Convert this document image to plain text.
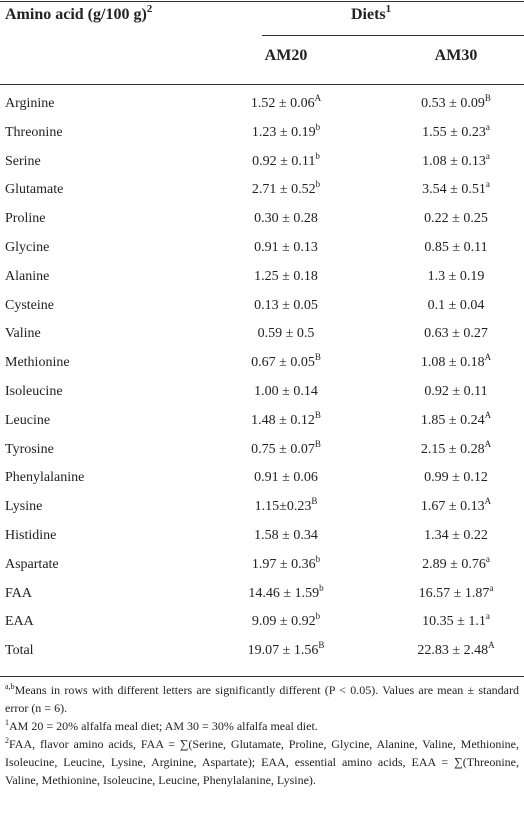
Amino acid (g/100 g)$^2$	Diets$^1$
AM20	AM30
Arginine	$1.52 \pm 0.06^A$	$0.53 \pm 0.09^B$
Threonine	1.23 ± 0.19$^b$	1.55 ± 0.23$^a$
Serine	0.92 ± 0.11$^b$	1.08 ± 0.13$^a$
Glutamate	2.71 ± 0.52$^b$	3.54 ± 0.51$^a$
Proline	0.30 ± 0.28	0.22 ± 0.25
Glycine	0.91 ± 0.13	0.85 ± 0.11
Alanine	1.25 ± 0.18	1.3 ± 0.19
Cysteine	0.13 ± 0.05	0.1 ± 0.04
Valine	0.59 ± 0.5	0.63 ± 0.27
Methionine	$0.67 \pm 0.05^B$	$1.08 \pm 0.18^A$
Isoleucine	1.00 ± 0.14	0.92 ± 0.11
Leucine	$1.48 \pm 0.12^B$	$1.85 \pm 0.24^A$
Tyrosine	$0.75 \pm 0.07^B$	$2.15 \pm 0.28^A$
Phenylalanine	0.91 ± 0.06	0.99 ± 0.12
Lysine	$1.15\pm 0.23^B$	$1.67 \pm 0.13^A$
Histidine	1.58 ± 0.34	1.34 ± 0.22
Aspartate	1.97 ± 0.36$^b$	2.89 ± 0.76$^a$
FAA	14.46 ± 1.59$^b$	16.57 ± 1.87$^a$
EAA	9.09 ± 0.92$^b$	10.35 ± 1.1$^a$
Total	$19.07 \pm 1.56^B$	$22.83 \pm 2.48^A$

$^{a,b}$Means in rows with different letters are significantly different (P < 0.05). Values are mean ± standard error (n = 6).

$^1$AM 20 = 20% alfalfa meal diet; AM 30 = 30% alfalfa meal diet.

$^2$FAA, flavor amino acids, FAA = ∑(Serine, Glutamate, Proline, Glycine, Alanine, Valine, Methionine, Isoleucine, Leucine, Lysine, Arginine, Aspartate); EAA, essential amino acids, EAA = ∑(Threonine, Valine, Methionine, Isoleucine, Leucine, Phenylalanine, Lysine).
